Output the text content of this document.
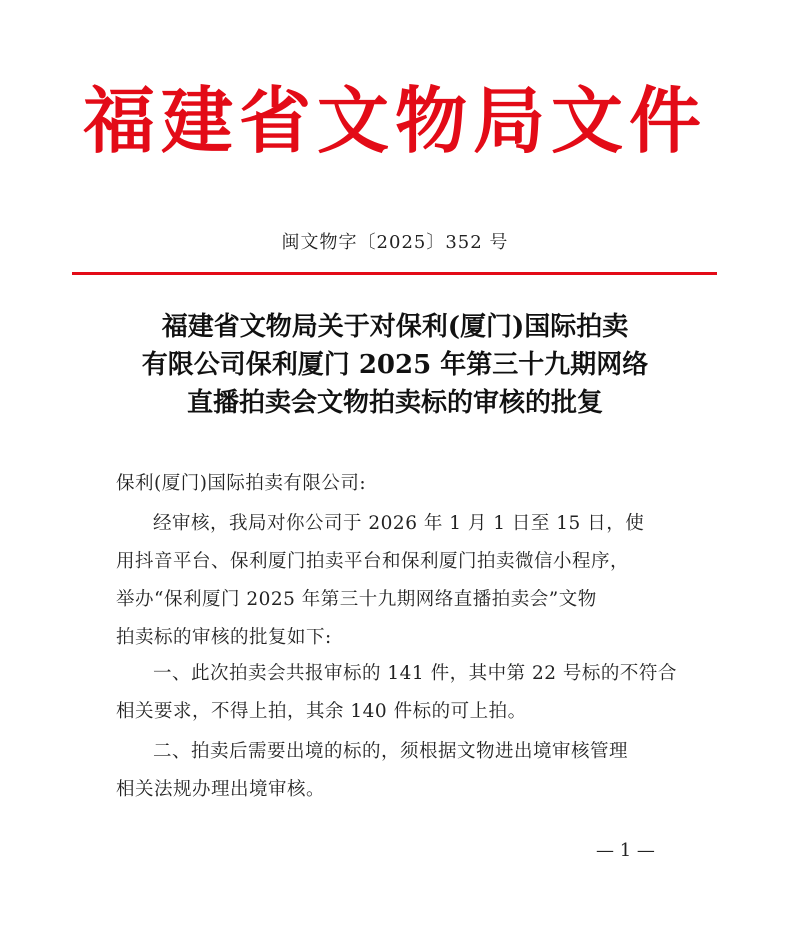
福建省文物局文件
闽文物字〔2025〕352 号
福建省文物局关于对保利(厦门)国际拍卖
有限公司保利厦门 2025 年第三十九期网络
直播拍卖会文物拍卖标的审核的批复
保利(厦门)国际拍卖有限公司:
经审核，我局对你公司于 2026 年 1 月 1 日至 15 日，使
用抖音平台、保利厦门拍卖平台和保利厦门拍卖微信小程序，
举办“保利厦门 2025 年第三十九期网络直播拍卖会”文物
拍卖标的审核的批复如下:
一、此次拍卖会共报审标的 141 件，其中第 22 号标的不符合
相关要求，不得上拍，其余 140 件标的可上拍。
二、拍卖后需要出境的标的，须根据文物进出境审核管理
相关法规办理出境审核。
— 1 —
